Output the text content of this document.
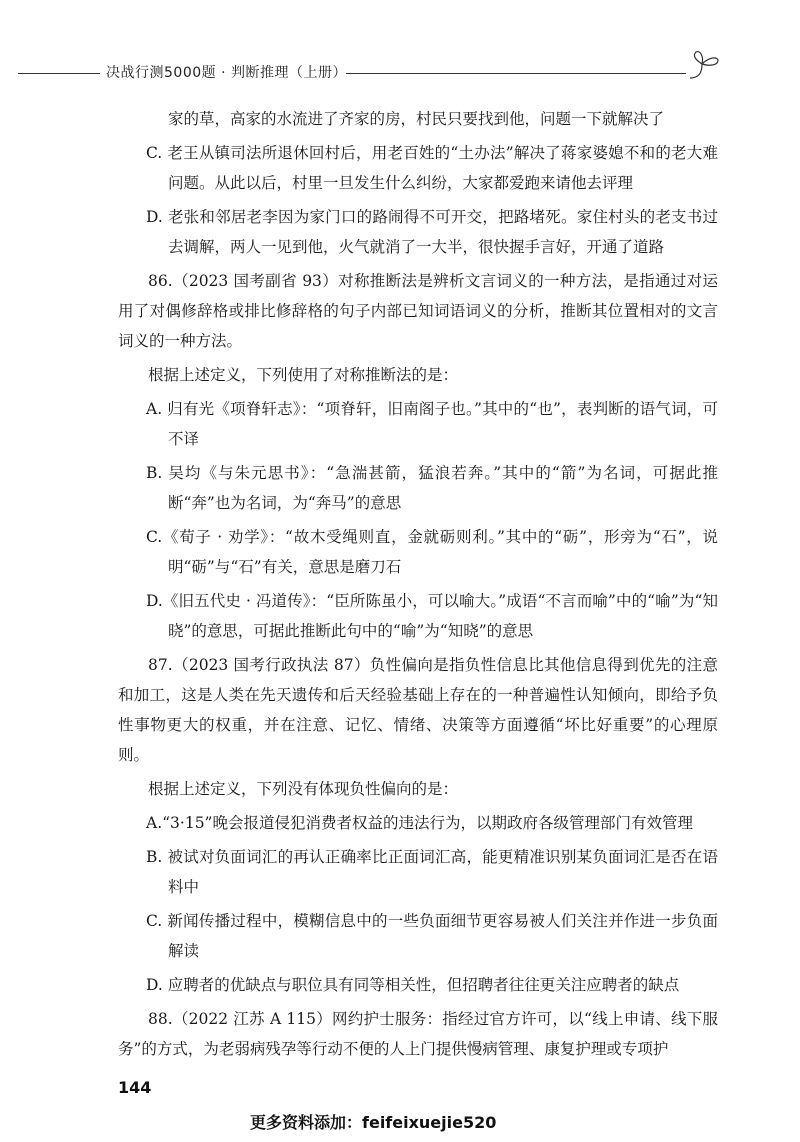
决战行测5000题 · 判断推理（上册）

家的草，高家的水流进了齐家的房，村民只要找到他，问题一下就解决了

C. 老王从镇司法所退休回村后，用老百姓的“土办法”解决了蒋家婆媳不和的老大难问题。从此以后，村里一旦发生什么纠纷，大家都爱跑来请他去评理

D. 老张和邻居老李因为家门口的路闹得不可开交，把路堵死。家住村头的老支书过去调解，两人一见到他，火气就消了一大半，很快握手言好，开通了道路

86.（2023 国考副省 93）对称推断法是辨析文言词义的一种方法，是指通过对运用了对偶修辞格或排比修辞格的句子内部已知词语词义的分析，推断其位置相对的文言词义的一种方法。

根据上述定义，下列使用了对称推断法的是：

A. 归有光《项脊轩志》：“项脊轩，旧南阁子也。”其中的“也”，表判断的语气词，可不译

B. 吴均《与朱元思书》：“急湍甚箭，猛浪若奔。”其中的“箭”为名词，可据此推断“奔”也为名词，为“奔马”的意思

C.《荀子 · 劝学》：“故木受绳则直，金就砺则利。”其中的“砺”，形旁为“石”，说明“砺”与“石”有关，意思是磨刀石

D.《旧五代史 · 冯道传》：“臣所陈虽小，可以喻大。”成语“不言而喻”中的“喻”为“知晓”的意思，可据此推断此句中的“喻”为“知晓”的意思

87.（2023 国考行政执法 87）负性偏向是指负性信息比其他信息得到优先的注意和加工，这是人类在先天遗传和后天经验基础上存在的一种普遍性认知倾向，即给予负性事物更大的权重，并在注意、记忆、情绪、决策等方面遵循“坏比好重要”的心理原则。

根据上述定义，下列没有体现负性偏向的是：

A.“3·15”晚会报道侵犯消费者权益的违法行为，以期政府各级管理部门有效管理

B. 被试对负面词汇的再认正确率比正面词汇高，能更精准识别某负面词汇是否在语料中

C. 新闻传播过程中，模糊信息中的一些负面细节更容易被人们关注并作进一步负面解读

D. 应聘者的优缺点与职位具有同等相关性，但招聘者往往更关注应聘者的缺点

88.（2022 江苏 A 115）网约护士服务：指经过官方许可，以“线上申请、线下服务”的方式，为老弱病残孕等行动不便的人上门提供慢病管理、康复护理或专项护

144
更多资料添加：feifeixuejie520
